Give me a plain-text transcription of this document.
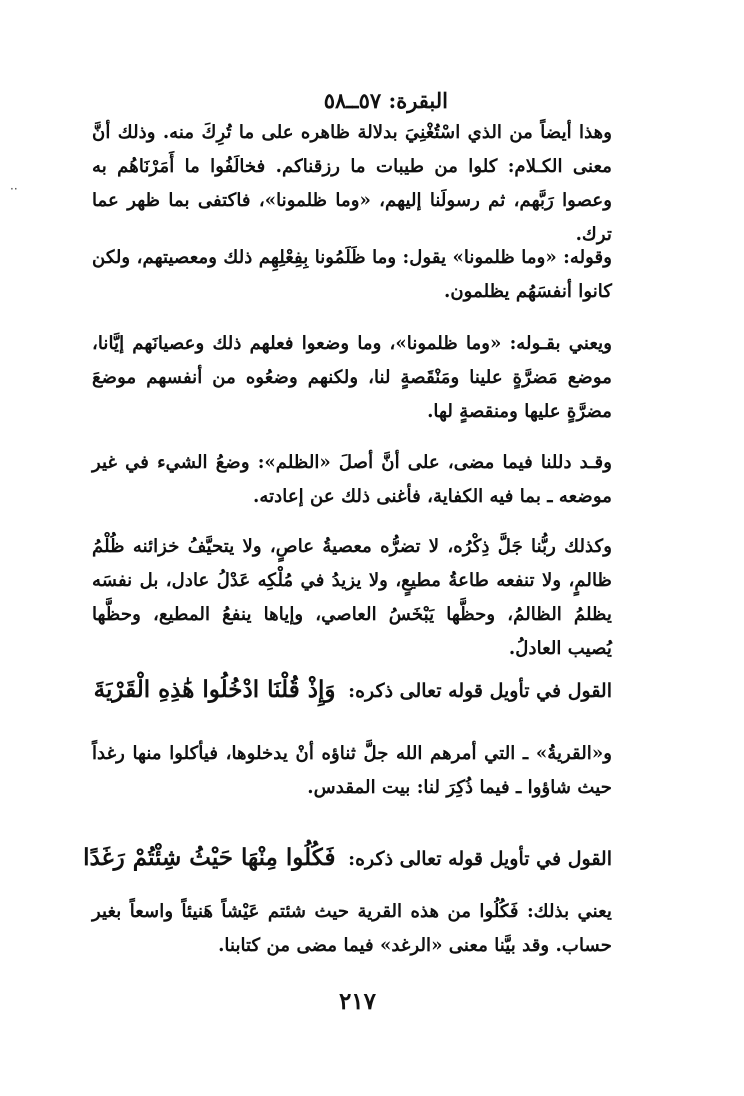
البقرة: ٥٧ــ٥٨

وهذا أيضاً من الذي اسْتُغْنِيَ بدلالة ظاهره على ما تُرِكَ منه. وذلك أنَّ معنى الكـلام: كلوا من طيبات ما رزقناكم. فخالَفُوا ما أَمَرْنَاهُم به وعصوا رَبَّهم، ثم رسولَنا إليهم، «وما ظلمونا»، فاكتفى بما ظهر عما ترك.

وقوله: «وما ظلمونا» يقول: وما ظَلَمُونا بِفِعْلِهِم ذلك ومعصيتهم، ولكن كانوا أنفسَهُم يظلمون.

ويعني بقـوله: «وما ظلمونا»، وما وضعوا فعلهم ذلك وعصيانَهم إيَّانا، موضع مَضرَّةٍ علينا ومَنْقَصةٍ لنا، ولكنهم وضعُوه من أنفسهم موضعَ مضرَّةٍ عليها ومنقصةٍ لها.

وقـد دللنا فيما مضى، على أنَّ أصلَ «الظلم»: وضعُ الشيء في غير موضعه ـ بما فيه الكفاية، فأغنى ذلك عن إعادته.

وكذلك ربُّنا جَلَّ ذِكْرُه، لا تضرُّه معصيةُ عاصٍ، ولا يتحيَّفُ خزائنه ظُلْمُ ظالمٍ، ولا تنفعه طاعةُ مطيعٍ، ولا يزيدُ في مُلْكِه عَدْلُ عادل، بل نفسَه يظلمُ الظالمُ، وحظَّها يَبْخَسُ العاصي، وإياها ينفعُ المطيع، وحظَّها يُصيب العادلُ.

القول في تأويل قوله تعالى ذكره: وَإِذْ قُلْنَا ادْخُلُوا هَٰذِهِ الْقَرْيَةَ

و«القريةُ» ـ التي أمرهم الله جلَّ ثناؤه أنْ يدخلوها، فيأكلوا منها رغداً حيث شاؤوا ـ فيما ذُكِرَ لنا: بيت المقدس.

القول في تأويل قوله تعالى ذكره: فَكُلُوا مِنْهَا حَيْثُ شِئْتُمْ رَغَدًا

يعني بذلك: فَكُلُوا من هذه القرية حيث شئتم عَيْشاً هَنيئاً واسعاً بغير حساب. وقد بيَّنا معنى «الرغد» فيما مضى من كتابنا.

٢١٧
··
